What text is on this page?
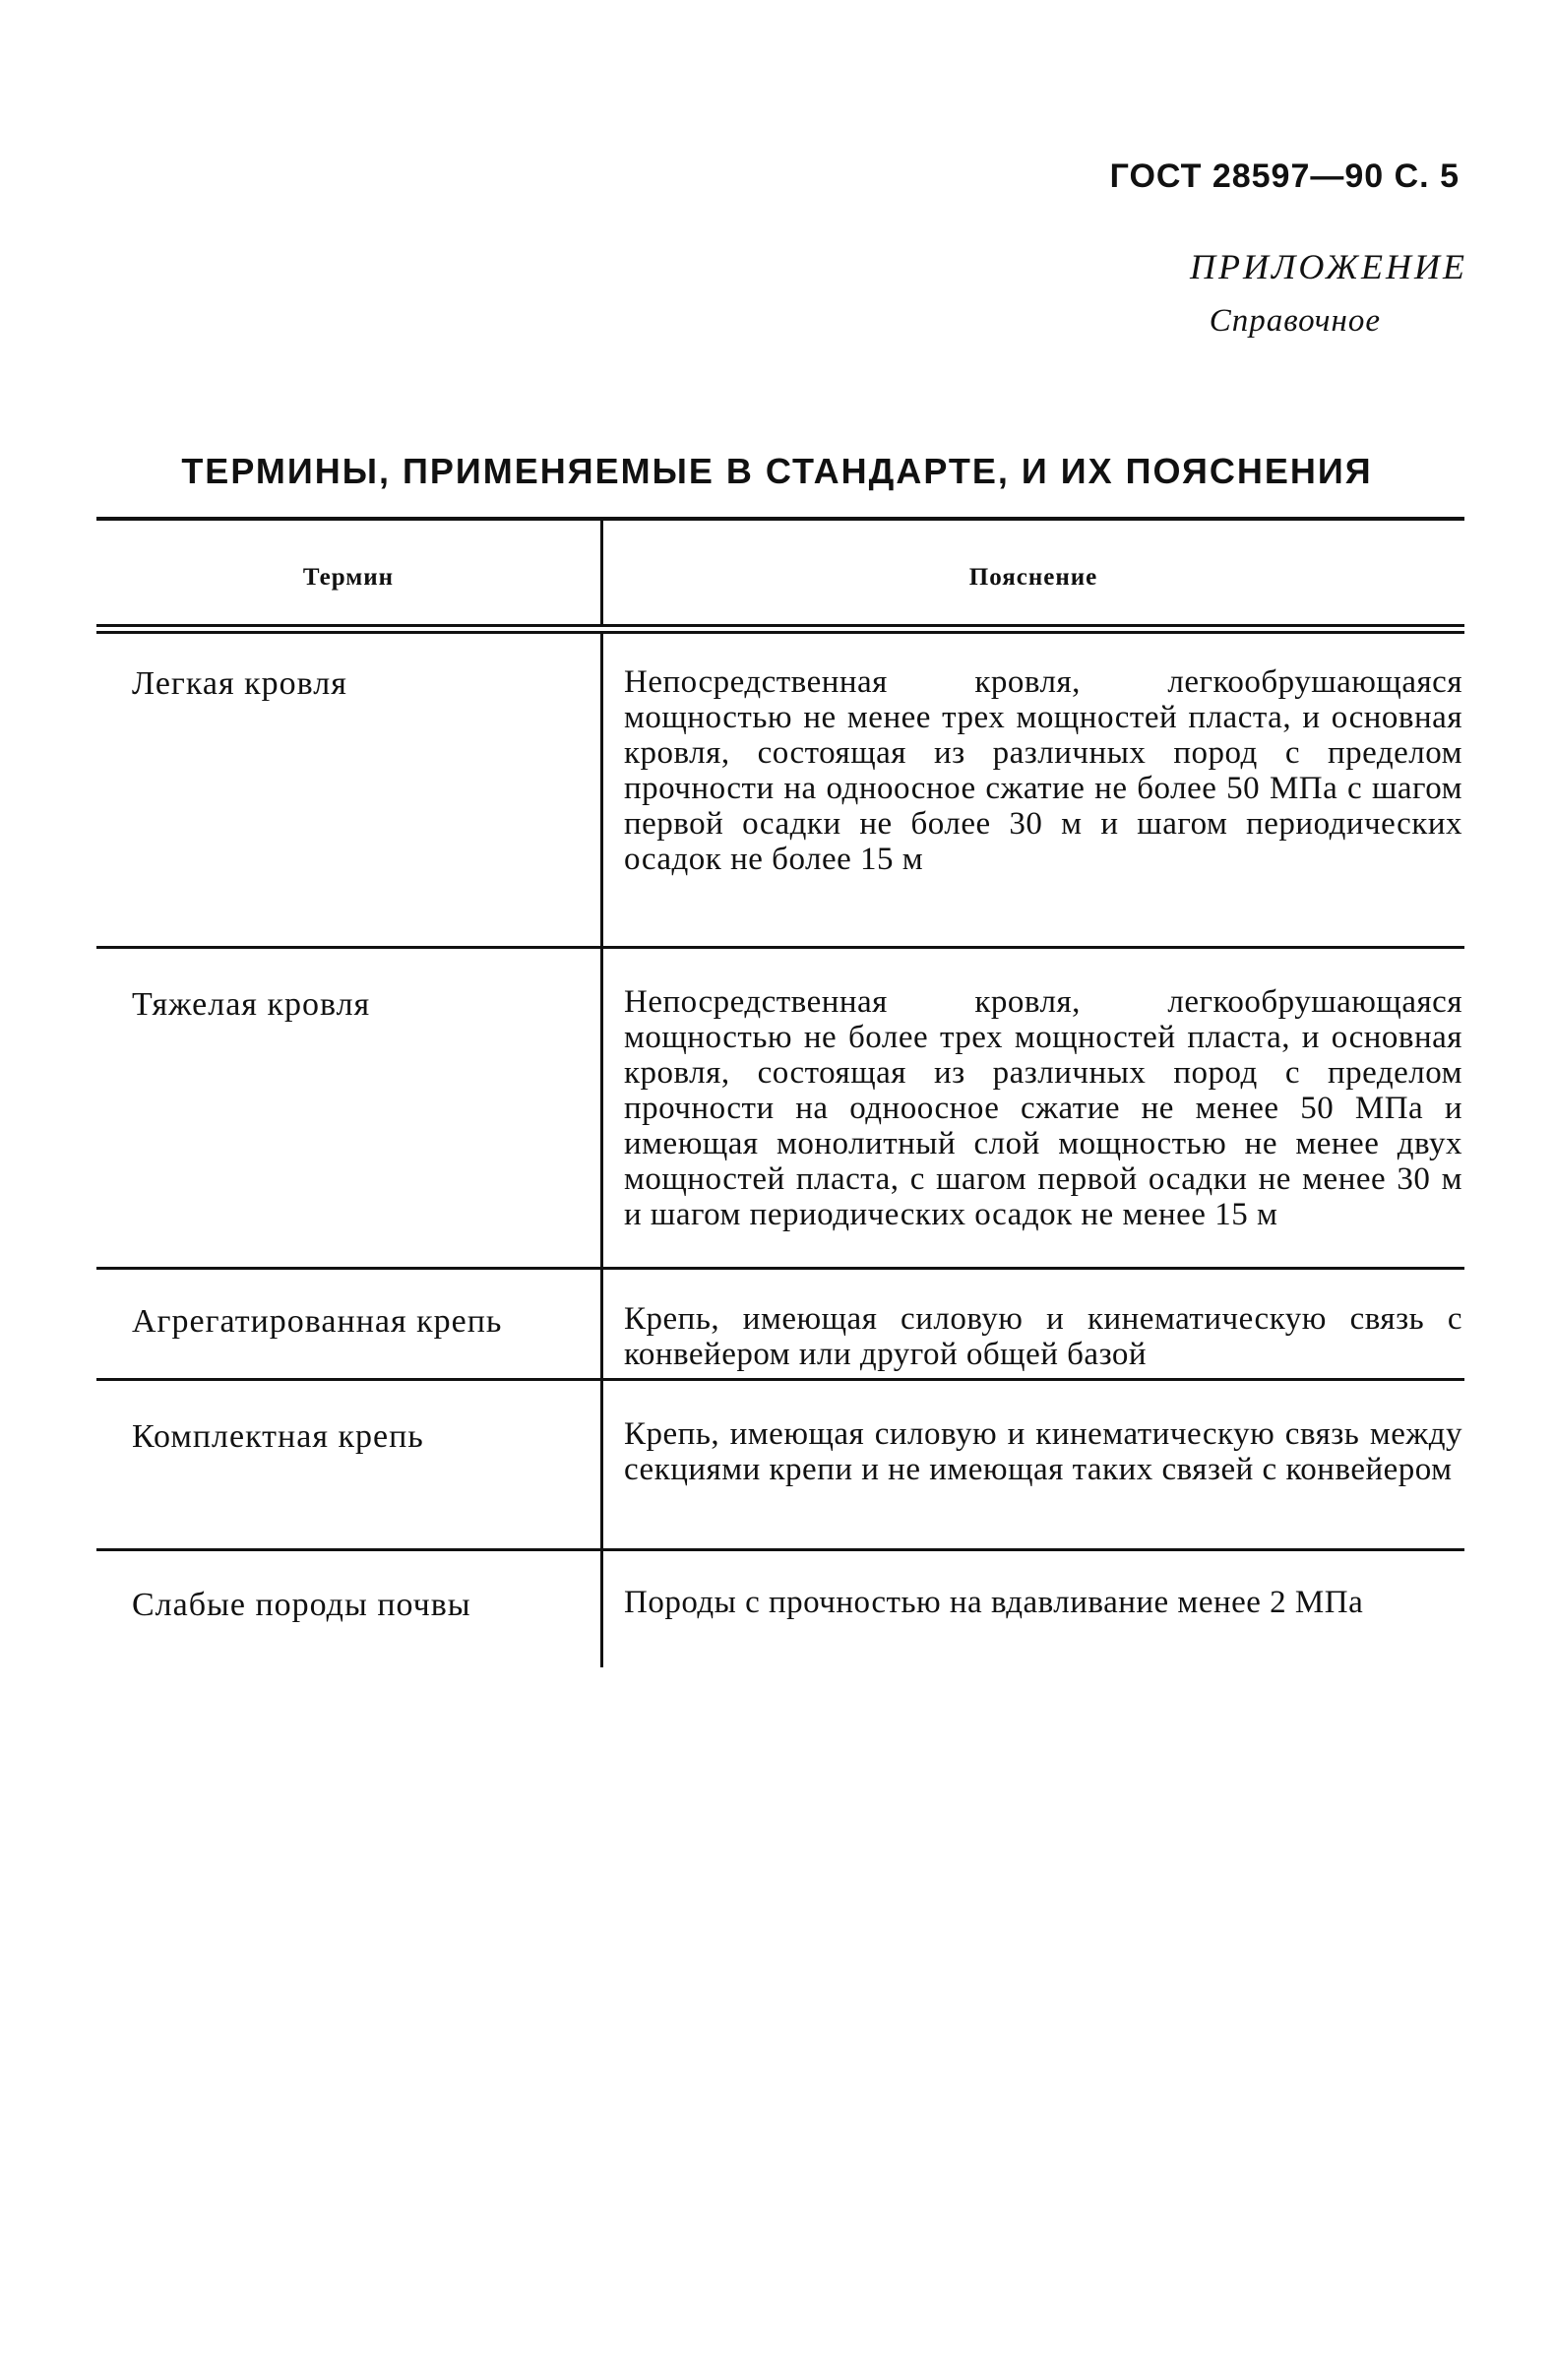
ГОСТ 28597—90 С. 5
ПРИЛОЖЕНИЕ
Справочное
ТЕРМИНЫ, ПРИМЕНЯЕМЫЕ В СТАНДАРТЕ, И ИХ ПОЯСНЕНИЯ
Термин	Пояснение
Легкая кровля	Непосредственная кровля, легкообрушающаяся мощностью не менее трех мощностей пласта, и основная кровля, состоящая из различных пород с пределом прочности на одноосное сжатие не более 50 МПа с шагом первой осадки не более 30 м и шагом периодических осадок не более 15 м
Тяжелая кровля	Непосредственная кровля, легкообрушающаяся мощностью не более трех мощностей пласта, и основная кровля, состоящая из различных пород с пределом прочности на одноосное сжатие не менее 50 МПа и имеющая монолитный слой мощностью не менее двух мощностей пласта, с шагом первой осадки не менее 30 м и шагом периодических осадок не менее 15 м
Агрегатированная крепь	Крепь, имеющая силовую и кинематическую связь с конвейером или другой общей базой
Комплектная крепь	Крепь, имеющая силовую и кинематическую связь между секциями крепи и не имеющая таких связей с конвейером
Слабые породы почвы	Породы с прочностью на вдавливание менее 2 МПа
